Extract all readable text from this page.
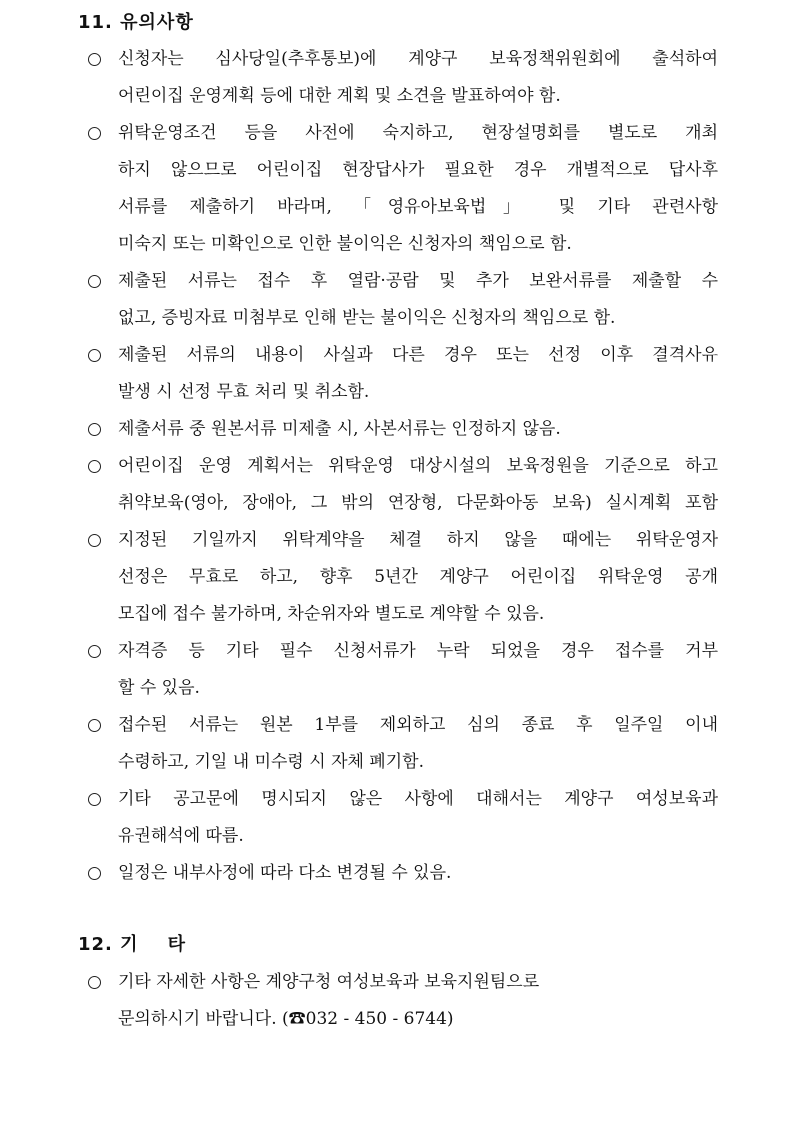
11. 유의사항
신청자는 심사당일(추후통보)에 계양구 보육정책위원회에 출석하여
어린이집 운영계획 등에 대한 계획 및 소견을 발표하여야 함.
위탁운영조건 등을 사전에 숙지하고, 현장설명회를 별도로 개최
하지 않으므로 어린이집 현장답사가 필요한 경우 개별적으로 답사후
서류를 제출하기 바라며, 「영유아보육법」 및 기타 관련사항
미숙지 또는 미확인으로 인한 불이익은 신청자의 책임으로 함.
제출된 서류는 접수 후 열람·공람 및 추가 보완서류를 제출할 수
없고, 증빙자료 미첨부로 인해 받는 불이익은 신청자의 책임으로 함.
제출된 서류의 내용이 사실과 다른 경우 또는 선정 이후 결격사유
발생 시 선정 무효 처리 및 취소함.
제출서류 중 원본서류 미제출 시, 사본서류는 인정하지 않음.
어린이집 운영 계획서는 위탁운영 대상시설의 보육정원을 기준으로 하고
취약보육(영아, 장애아, 그 밖의 연장형, 다문화아동 보육) 실시계획 포함
지정된 기일까지 위탁계약을 체결 하지 않을 때에는 위탁운영자
선정은 무효로 하고, 향후 5년간 계양구 어린이집 위탁운영 공개
모집에 접수 불가하며, 차순위자와 별도로 계약할 수 있음.
자격증 등 기타 필수 신청서류가 누락 되었을 경우 접수를 거부
할 수 있음.
접수된 서류는 원본 1부를 제외하고 심의 종료 후 일주일 이내
수령하고, 기일 내 미수령 시 자체 폐기함.
기타 공고문에 명시되지 않은 사항에 대해서는 계양구 여성보육과
유권해석에 따름.
일정은 내부사정에 따라 다소 변경될 수 있음.
12. 기    타
기타 자세한 사항은 계양구청 여성보육과 보육지원팀으로
문의하시기 바랍니다. (☎032 - 450 - 6744)
